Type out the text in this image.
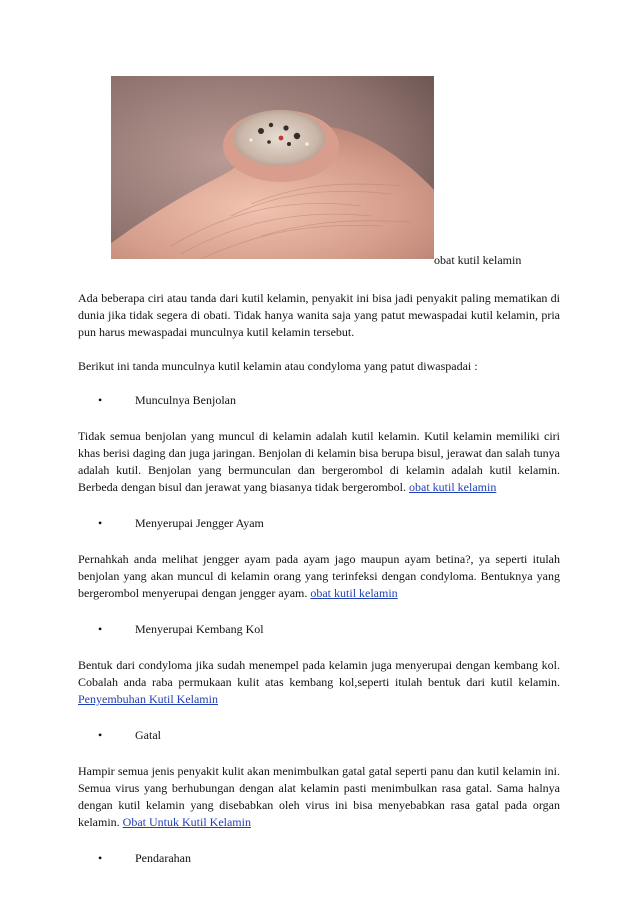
obat kutil kelamin

Ada beberapa ciri atau tanda dari kutil kelamin, penyakit ini bisa jadi penyakit paling mematikan di dunia jika tidak segera di obati. Tidak hanya wanita saja yang patut mewaspadai kutil kelamin, pria pun harus mewaspadai munculnya kutil kelamin tersebut.

Berikut ini tanda munculnya kutil kelamin atau condyloma yang patut diwaspadai :

•	Munculnya Benjolan

Tidak semua benjolan yang muncul di kelamin adalah kutil kelamin. Kutil kelamin memiliki ciri khas berisi daging dan juga jaringan. Benjolan di kelamin bisa berupa bisul, jerawat dan salah tunya adalah kutil. Benjolan yang bermunculan dan bergerombol di kelamin adalah kutil kelamin. Berbeda dengan bisul dan jerawat yang biasanya tidak bergerombol. obat kutil kelamin

•	Menyerupai Jengger Ayam

Pernahkah anda melihat jengger ayam pada ayam jago maupun ayam betina?, ya seperti itulah benjolan yang akan muncul di kelamin orang yang terinfeksi dengan condyloma. Bentuknya yang bergerombol menyerupai dengan jengger ayam. obat kutil kelamin

•	Menyerupai Kembang Kol

Bentuk dari condyloma jika sudah menempel pada kelamin juga menyerupai dengan kembang kol. Cobalah anda raba permukaan kulit atas kembang kol,seperti itulah bentuk dari kutil kelamin. Penyembuhan Kutil Kelamin

•	Gatal

Hampir semua jenis penyakit kulit akan menimbulkan gatal gatal seperti panu dan kutil kelamin ini. Semua virus yang berhubungan dengan alat kelamin pasti menimbulkan rasa gatal. Sama halnya dengan kutil kelamin yang disebabkan oleh virus ini bisa menyebabkan rasa gatal pada organ kelamin. Obat Untuk Kutil Kelamin

•	Pendarahan
